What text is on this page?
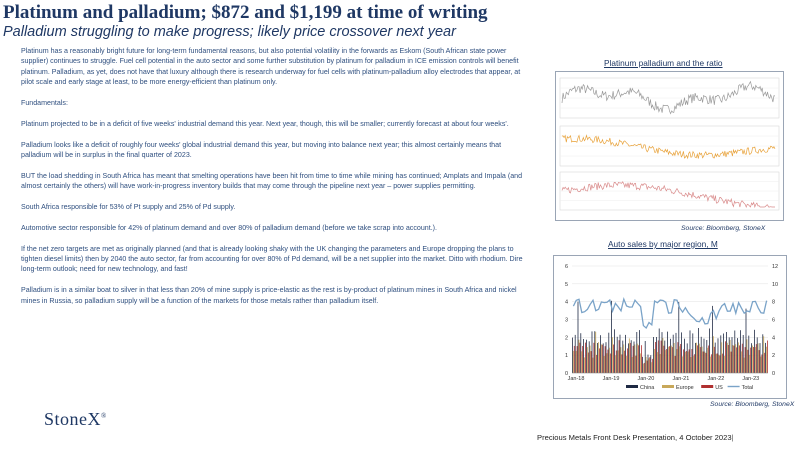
Platinum and palladium; $872 and $1,199 at time of writing
Palladium struggling to make progress; likely price crossover next year

Platinum has a reasonably bright future for long-term fundamental reasons, but also potential volatility in the forwards as Eskom (South African state power supplier) continues to struggle. Fuel cell potential in the auto sector and some further substitution by platinum for palladium in ICE emission controls will benefit platinum. Palladium, as yet, does not have that luxury although there is research underway for fuel cells with platinum-palladium alloy electrodes that appear, at pilot scale and early stage at least, to be more energy-efficient than platinum only.

Fundamentals:

Platinum projected to be in a deficit of five weeks' industrial demand this year. Next year, though, this will be smaller; currently forecast at about four weeks'.

Palladium looks like a deficit of roughly four weeks' global industrial demand this year, but moving into balance next year; this almost certainly means that palladium will be in surplus in the final quarter of 2023.

BUT the load shedding in South Africa has meant that smelting operations have been hit from time to time while mining has continued; Amplats and Impala (and almost certainly the others) will have work-in-progress inventory builds that may come through the pipeline next year – power supplies permitting.

South Africa responsible for 53% of Pt supply and 25% of Pd supply.

Automotive sector responsible for 42% of platinum demand and over 80% of palladium demand (before we take scrap into account.).

If the net zero targets are met as originally planned (and that is already looking shaky with the UK changing the parameters and Europe dropping the plans to tighten diesel limits) then by 2040 the auto sector, far from accounting for over 80% of Pd demand, will be a net supplier into the market. Ditto with rhodium. Dire long-term outlook; need for new technology, and fast!

Palladium is in a similar boat to silver in that less than 20% of mine supply is price-elastic as the rest is by-product of platinum mines in South Africa and nickel mines in Russia, so palladium supply will be a function of the markets for those metals rather than palladium itself.

StoneX®
Precious Metals Front Desk Presentation, 4 October 2023|
Platinum palladium and the ratio
Source: Bloomberg, StoneX
Auto sales by major region, M
0
1
2
3
4
5
6
0
2
4
6
8
10
12
Jan-18	Jan-19	Jan-20	Jan-21	Jan-22	Jan-23
China	Europe	US	Total
Source: Bloomberg, StoneX
